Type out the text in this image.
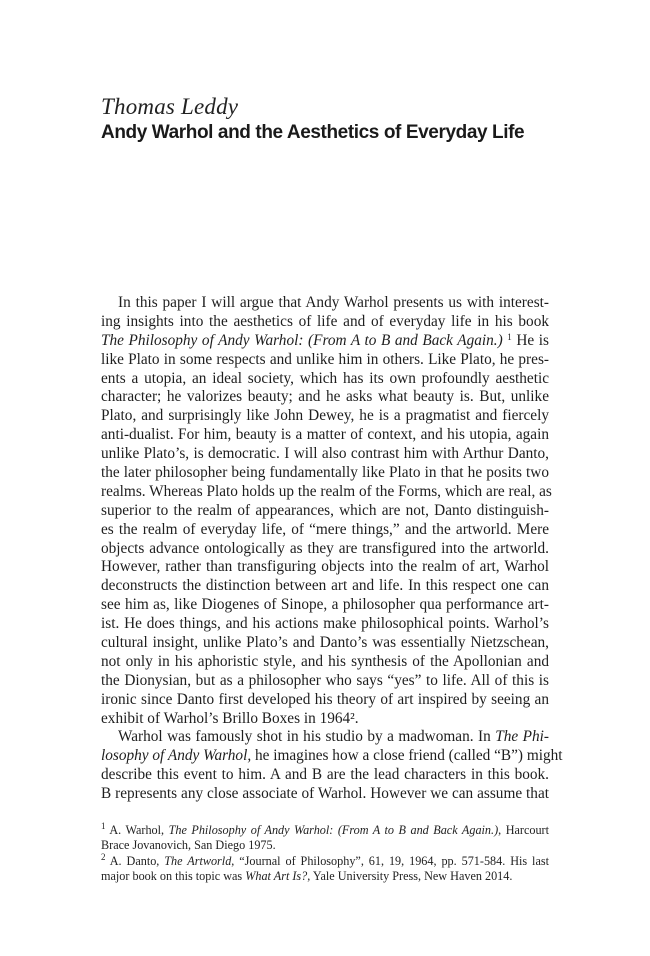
Thomas Leddy
Andy Warhol and the Aesthetics of Everyday Life
In this paper I will argue that Andy Warhol presents us with interest-
ing insights into the aesthetics of life and of everyday life in his book
The Philosophy of Andy Warhol: (From A to B and Back Again.) $^1$ He is
like Plato in some respects and unlike him in others. Like Plato, he pres-
ents a utopia, an ideal society, which has its own profoundly aesthetic
character; he valorizes beauty; and he asks what beauty is. But, unlike
Plato, and surprisingly like John Dewey, he is a pragmatist and fiercely
anti-dualist. For him, beauty is a matter of context, and his utopia, again
unlike Plato’s, is democratic. I will also contrast him with Arthur Danto,
the later philosopher being fundamentally like Plato in that he posits two
realms. Whereas Plato holds up the realm of the Forms, which are real, as
superior to the realm of appearances, which are not, Danto distinguish-
es the realm of everyday life, of “mere things,” and the artworld. Mere
objects advance ontologically as they are transfigured into the artworld.
However, rather than transfiguring objects into the realm of art, Warhol
deconstructs the distinction between art and life. In this respect one can
see him as, like Diogenes of Sinope, a philosopher qua performance art-
ist. He does things, and his actions make philosophical points. Warhol’s
cultural insight, unlike Plato’s and Danto’s was essentially Nietzschean,
not only in his aphoristic style, and his synthesis of the Apollonian and
the Dionysian, but as a philosopher who says “yes” to life. All of this is
ironic since Danto first developed his theory of art inspired by seeing an
exhibit of Warhol’s Brillo Boxes in 1964².
Warhol was famously shot in his studio by a madwoman. In The Phi-
losophy of Andy Warhol, he imagines how a close friend (called “B”) might
describe this event to him. A and B are the lead characters in this book.
B represents any close associate of Warhol. However we can assume that
$^1$ A. Warhol, The Philosophy of Andy Warhol: (From A to B and Back Again.), Harcourt
Brace Jovanovich, San Diego 1975.
$^2$ A. Danto, The Artworld, “Journal of Philosophy”, 61, 19, 1964, pp. 571-584. His last
major book on this topic was What Art Is?, Yale University Press, New Haven 2014.
